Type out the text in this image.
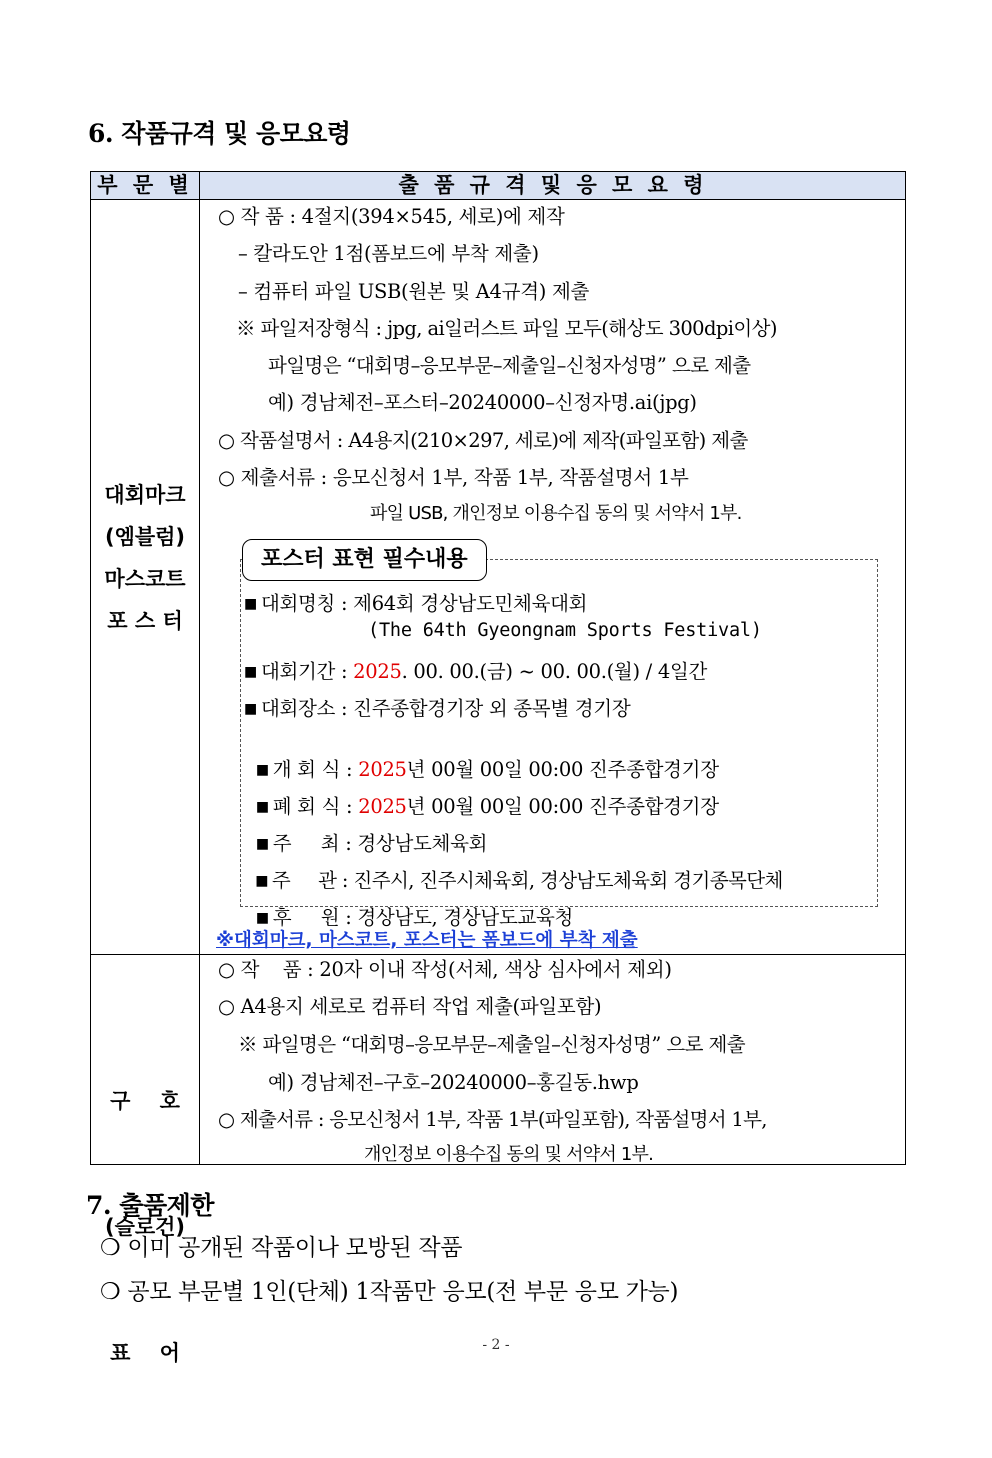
6. 작품규격 및 응모요령
부 문 별	출 품 규 격 및 응 모 요 령
대회마크
(엠블럼)
마스코트
포 스 터

구    호

(슬로건)

표    어

○ 작 품 : 4절지(394×545, 세로)에 제작
– 칼라도안 1점(폼보드에 부착 제출)
– 컴퓨터 파일 USB(원본 및 A4규격) 제출
※ 파일저장형식 : jpg, ai일러스트 파일 모두(해상도 300dpi이상)
파일명은 “대회명–응모부문–제출일–신청자성명” 으로 제출
예) 경남체전–포스터–20240000–신정자명.ai(jpg)
○ 작품설명서 : A4용지(210×297, 세로)에 제작(파일포함) 제출
○ 제출서류 : 응모신청서 1부, 작품 1부, 작품설명서 1부
파일 USB, 개인정보 이용수집 동의 및 서약서 1부.
포스터 표현 필수내용
■ 대회명칭 : 제64회 경상남도민체육대회
(The 64th Gyeongnam Sports Festival)
■ 대회기간 : 2025. 00. 00.(금) ~ 00. 00.(월) / 4일간
■ 대회장소 : 진주종합경기장 외 종목별 경기장

■ 개 회 식 : 2025년 00월 00일 00:00 진주종합경기장

■ 폐 회 식 : 2025년 00월 00일 00:00 진주종합경기장

■ 주     최 : 경상남도체육회

■ 주     관 : 진주시, 진주시체육회, 경상남도체육회 경기종목단체

■ 후     원 : 경상남도, 경상남도교육청

※대회마크, 마스코트, 포스터는 폼보드에 부착 제출
○ 작    품 : 20자 이내 작성(서체, 색상 심사에서 제외)
○ A4용지 세로로 컴퓨터 작업 제출(파일포함)
※ 파일명은 “대회명–응모부문–제출일–신청자성명” 으로 제출
예) 경남체전–구호–20240000–홍길동.hwp
○ 제출서류 : 응모신청서 1부, 작품 1부(파일포함), 작품설명서 1부,
개인정보 이용수집 동의 및 서약서 1부.
7. 출품제한
❍ 이미 공개된 작품이나 모방된 작품
❍ 공모 부문별 1인(단체) 1작품만 응모(전 부문 응모 가능)
- 2 -
